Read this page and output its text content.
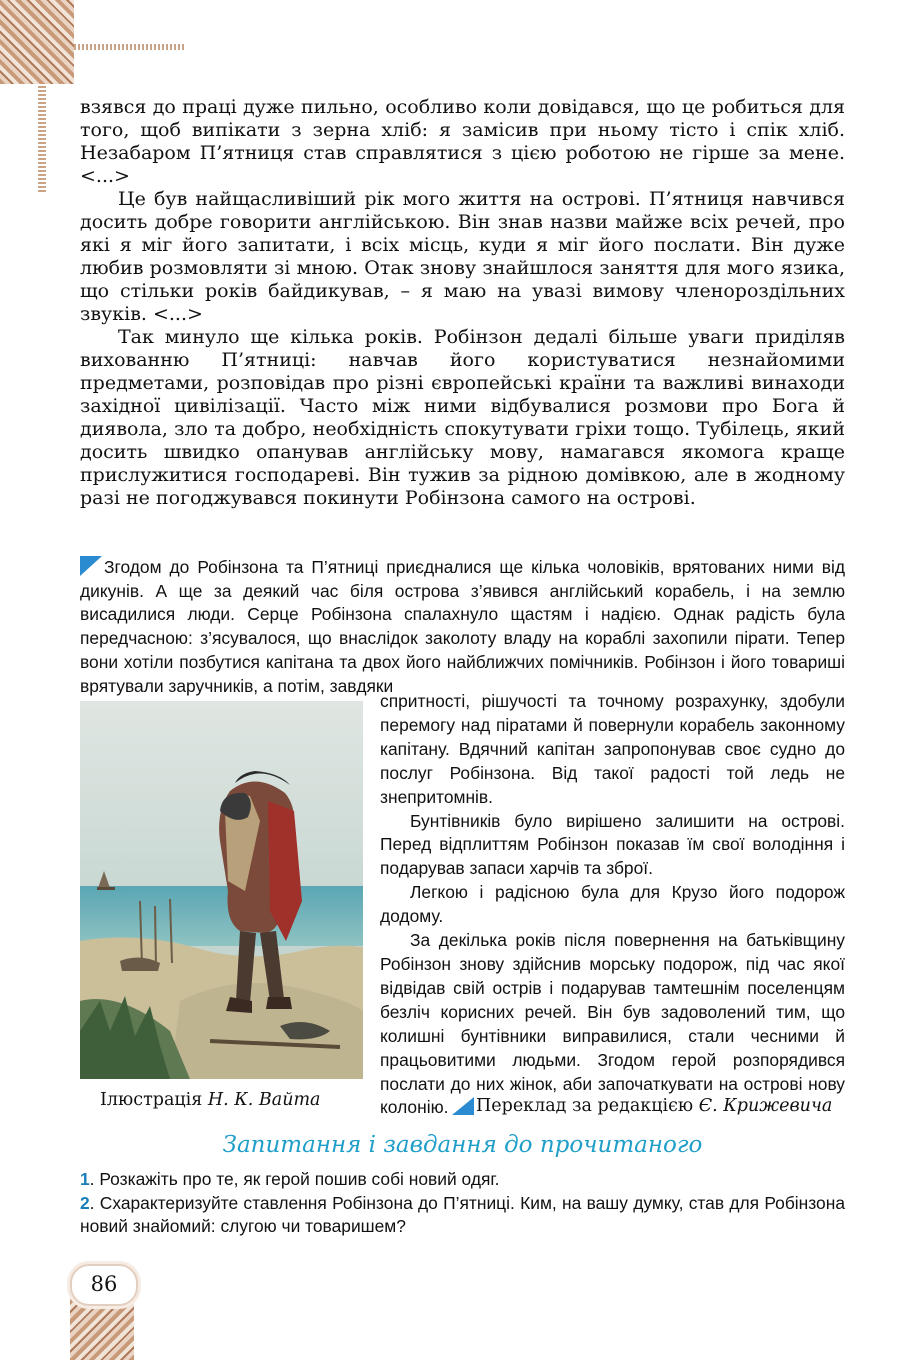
взявся до праці дуже пильно, особливо коли довідався, що це робиться для того, щоб випікати з зерна хліб: я замісив при ньому тісто і спік хліб. Незабаром П’ятниця став справлятися з цією роботою не гірше за мене. <...>

Це був найщасливіший рік мого життя на острові. П’ятниця навчився досить добре говорити англійською. Він знав назви майже всіх речей, про які я міг його запитати, і всіх місць, куди я міг його послати. Він дуже любив розмовляти зі мною. Отак знову знайшлося заняття для мого язика, що стільки років байдикував, – я маю на увазі вимову членороздільних звуків. <...>

Так минуло ще кілька років. Робінзон дедалі більше уваги приділяв вихованню П’ятниці: навчав його користуватися незнайомими предметами, розповідав про різні європейські країни та важливі винаходи західної цивілізації. Часто між ними відбувалися розмови про Бога й диявола, зло та добро, необхідність спокутувати гріхи тощо. Тубілець, який досить швидко опанував англійську мову, намагався якомога краще прислужитися господареві. Він тужив за рідною домівкою, але в жодному разі не погоджувався покинути Робінзона самого на острові.

Згодом до Робінзона та П’ятниці приєдналися ще кілька чоловіків, врятованих ними від дикунів. А ще за деякий час біля острова з’явився англійський корабель, і на землю висадилися люди. Серце Робінзона спалахнуло щастям і надією. Однак радість була передчасною: з’ясувалося, що внаслідок заколоту владу на кораблі захопили пірати. Тепер вони хотіли позбутися капітана та двох його найближчих помічників. Робінзон і його товариші врятували заручників, а потім, завдяки
Ілюстрація Н. К. Вайта

спритності, рішучості та точному розрахунку, здобули перемогу над піратами й повернули корабель законному капітану. Вдячний капітан запропонував своє судно до послуг Робінзона. Від такої радості той ледь не знепритомнів.

Бунтівників було вирішено залишити на острові. Перед відплиттям Робінзон показав їм свої володіння і подарував запаси харчів та зброї.

Легкою і радісною була для Крузо його подорож додому.

За декілька років після повернення на батьківщину Робінзон знову здійснив морську подорож, під час якої відвідав свій острів і подарував тамтешнім поселенцям безліч корисних речей. Він був задоволений тим, що колишні бунтівники виправилися, стали чесними й працьовитими людьми. Згодом герой розпорядився послати до них жінок, аби започаткувати на острові нову колонію.	Переклад за редакцією Є. Крижевича
Запитання і завдання до прочитаного

1. Розкажіть про те, як герой пошив собі новий одяг.

2. Схарактеризуйте ставлення Робінзона до П’ятниці. Ким, на вашу думку, став для Робінзона новий знайомий: слугою чи товаришем?

86
